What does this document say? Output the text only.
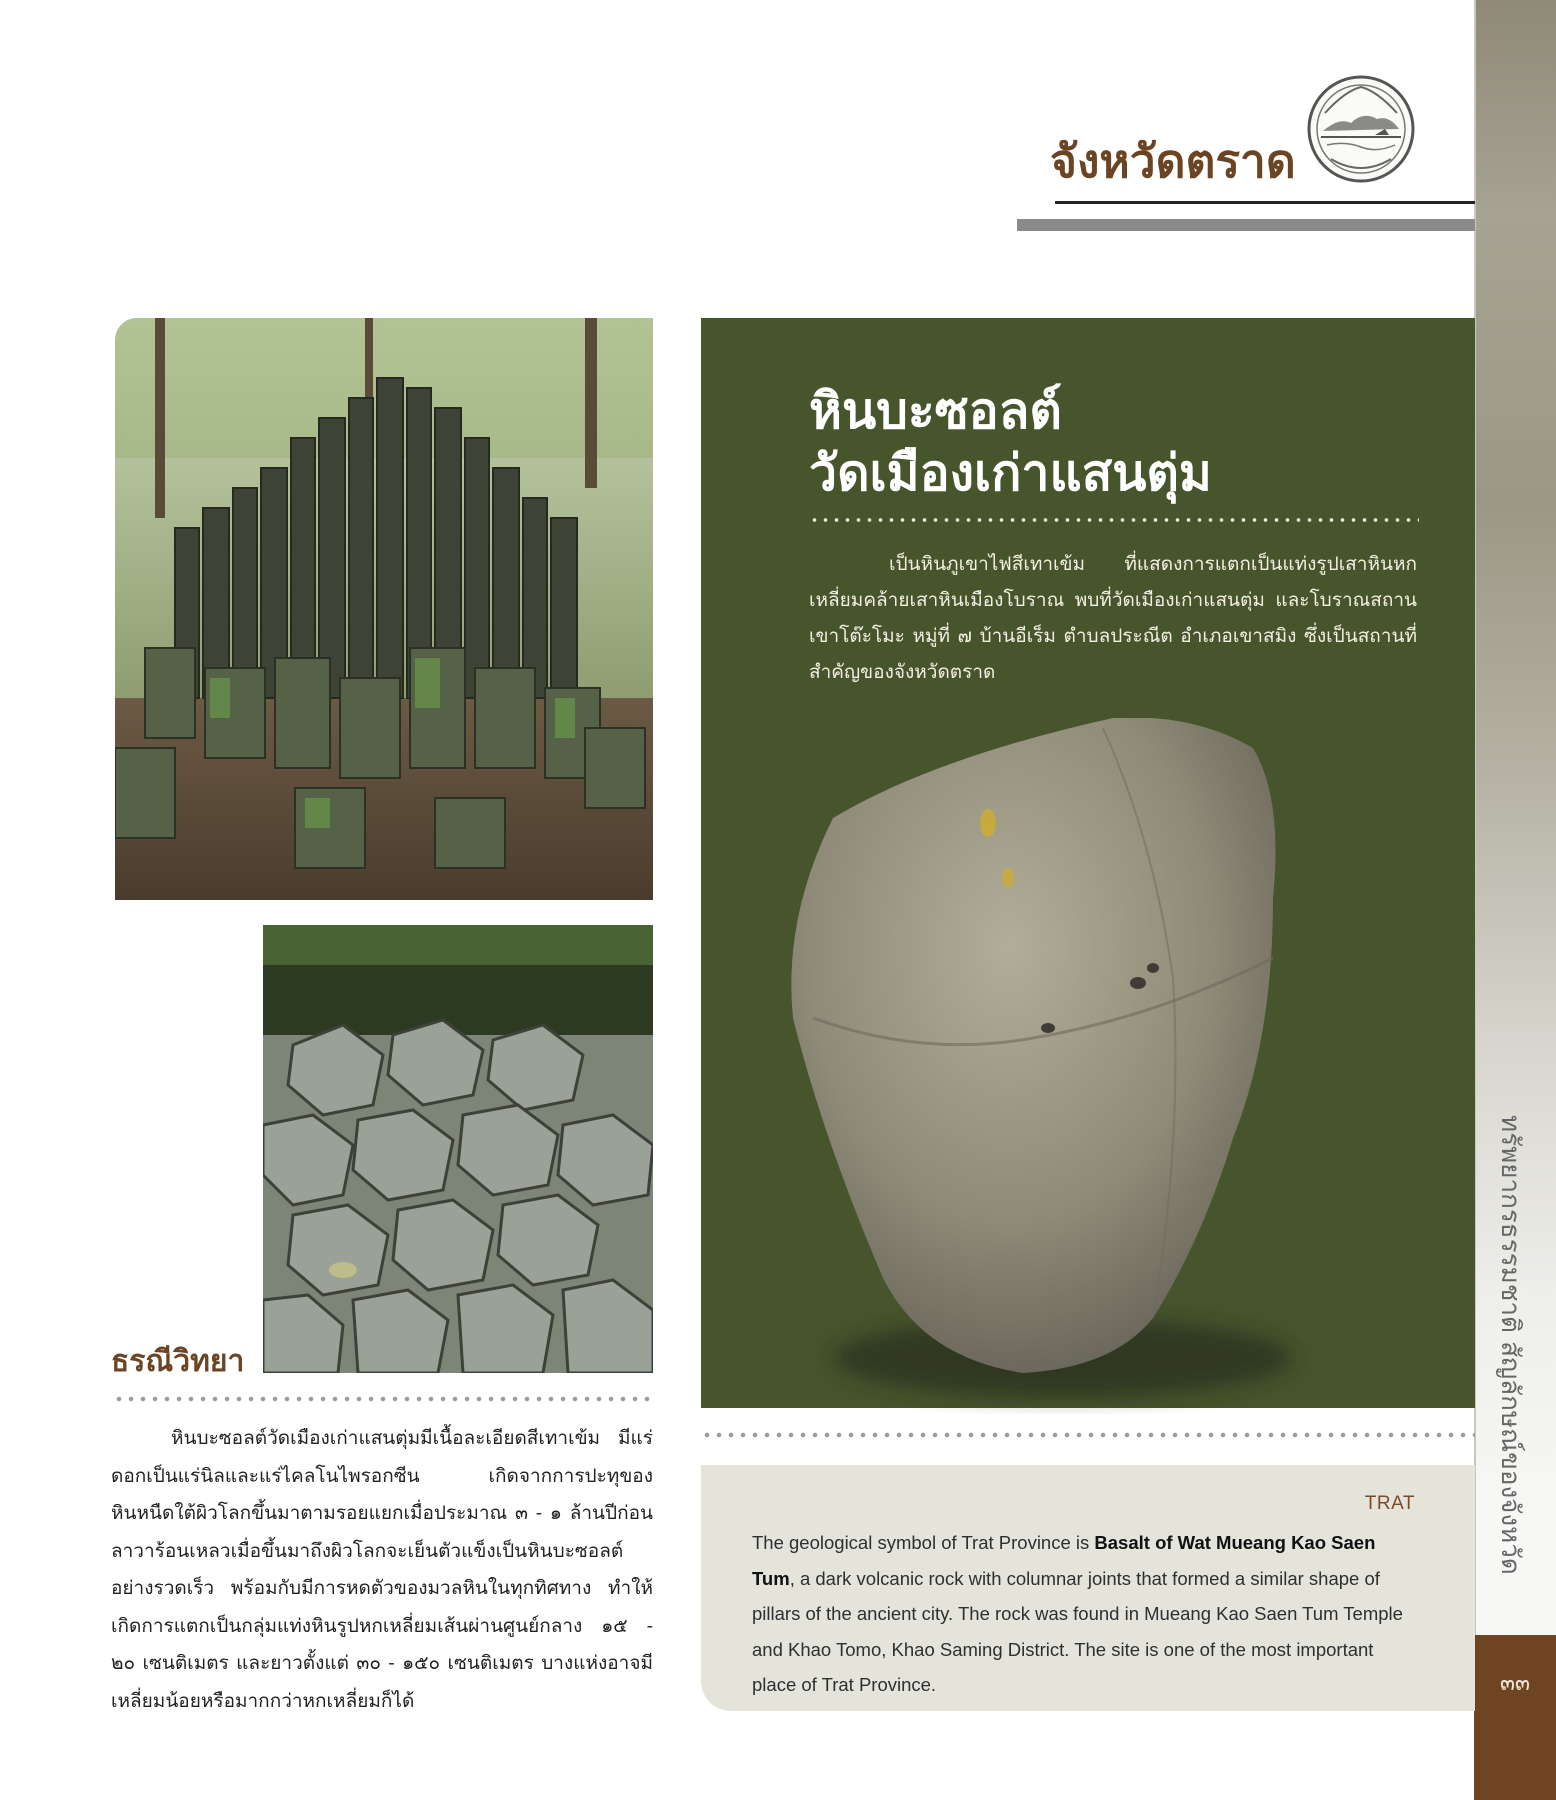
ทรัพยากรธรรมชาติ สัญลักษณ์ของจังหวัด
๓๓
จังหวัดตราด
หินบะซอลต์
วัดเมืองเก่าแสนตุ่ม
เป็นหินภูเขาไฟสีเทาเข้ม ที่แสดงการแตกเป็นแท่งรูปเสาหินหกเหลี่ยมคล้ายเสาหินเมืองโบราณ พบที่วัดเมืองเก่าแสนตุ่ม และโบราณสถานเขาโต๊ะโมะ หมู่ที่ ๗ บ้านอีเร็ม ตำบลประณีต อำเภอเขาสมิง ซึ่งเป็นสถานที่สำคัญของจังหวัดตราด
TRAT
The geological symbol of Trat Province is Basalt of Wat Mueang Kao Saen Tum, a dark volcanic rock with columnar joints that formed a similar shape of pillars of the ancient city. The rock was found in Mueang Kao Saen Tum Temple and Khao Tomo, Khao Saming District. The site is one of the most important place of Trat Province.
ธรณีวิทยา
หินบะซอลต์วัดเมืองเก่าแสนตุ่มมีเนื้อละเอียดสีเทาเข้ม มีแร่ดอกเป็นแร่นิลและแร่ไคลโนไพรอกซีน เกิดจากการปะทุของหินหนืดใต้ผิวโลกขึ้นมาตามรอยแยกเมื่อประมาณ ๓ - ๑ ล้านปีก่อน ลาวาร้อนเหลวเมื่อขึ้นมาถึงผิวโลกจะเย็นตัวแข็งเป็นหินบะซอลต์อย่างรวดเร็ว พร้อมกับมีการหดตัวของมวลหินในทุกทิศทาง ทำให้เกิดการแตกเป็นกลุ่มแท่งหินรูปหกเหลี่ยมเส้นผ่านศูนย์กลาง ๑๕ - ๒๐ เซนติเมตร และยาวตั้งแต่ ๓๐ - ๑๕๐ เซนติเมตร บางแห่งอาจมีเหลี่ยมน้อยหรือมากกว่าหกเหลี่ยมก็ได้
